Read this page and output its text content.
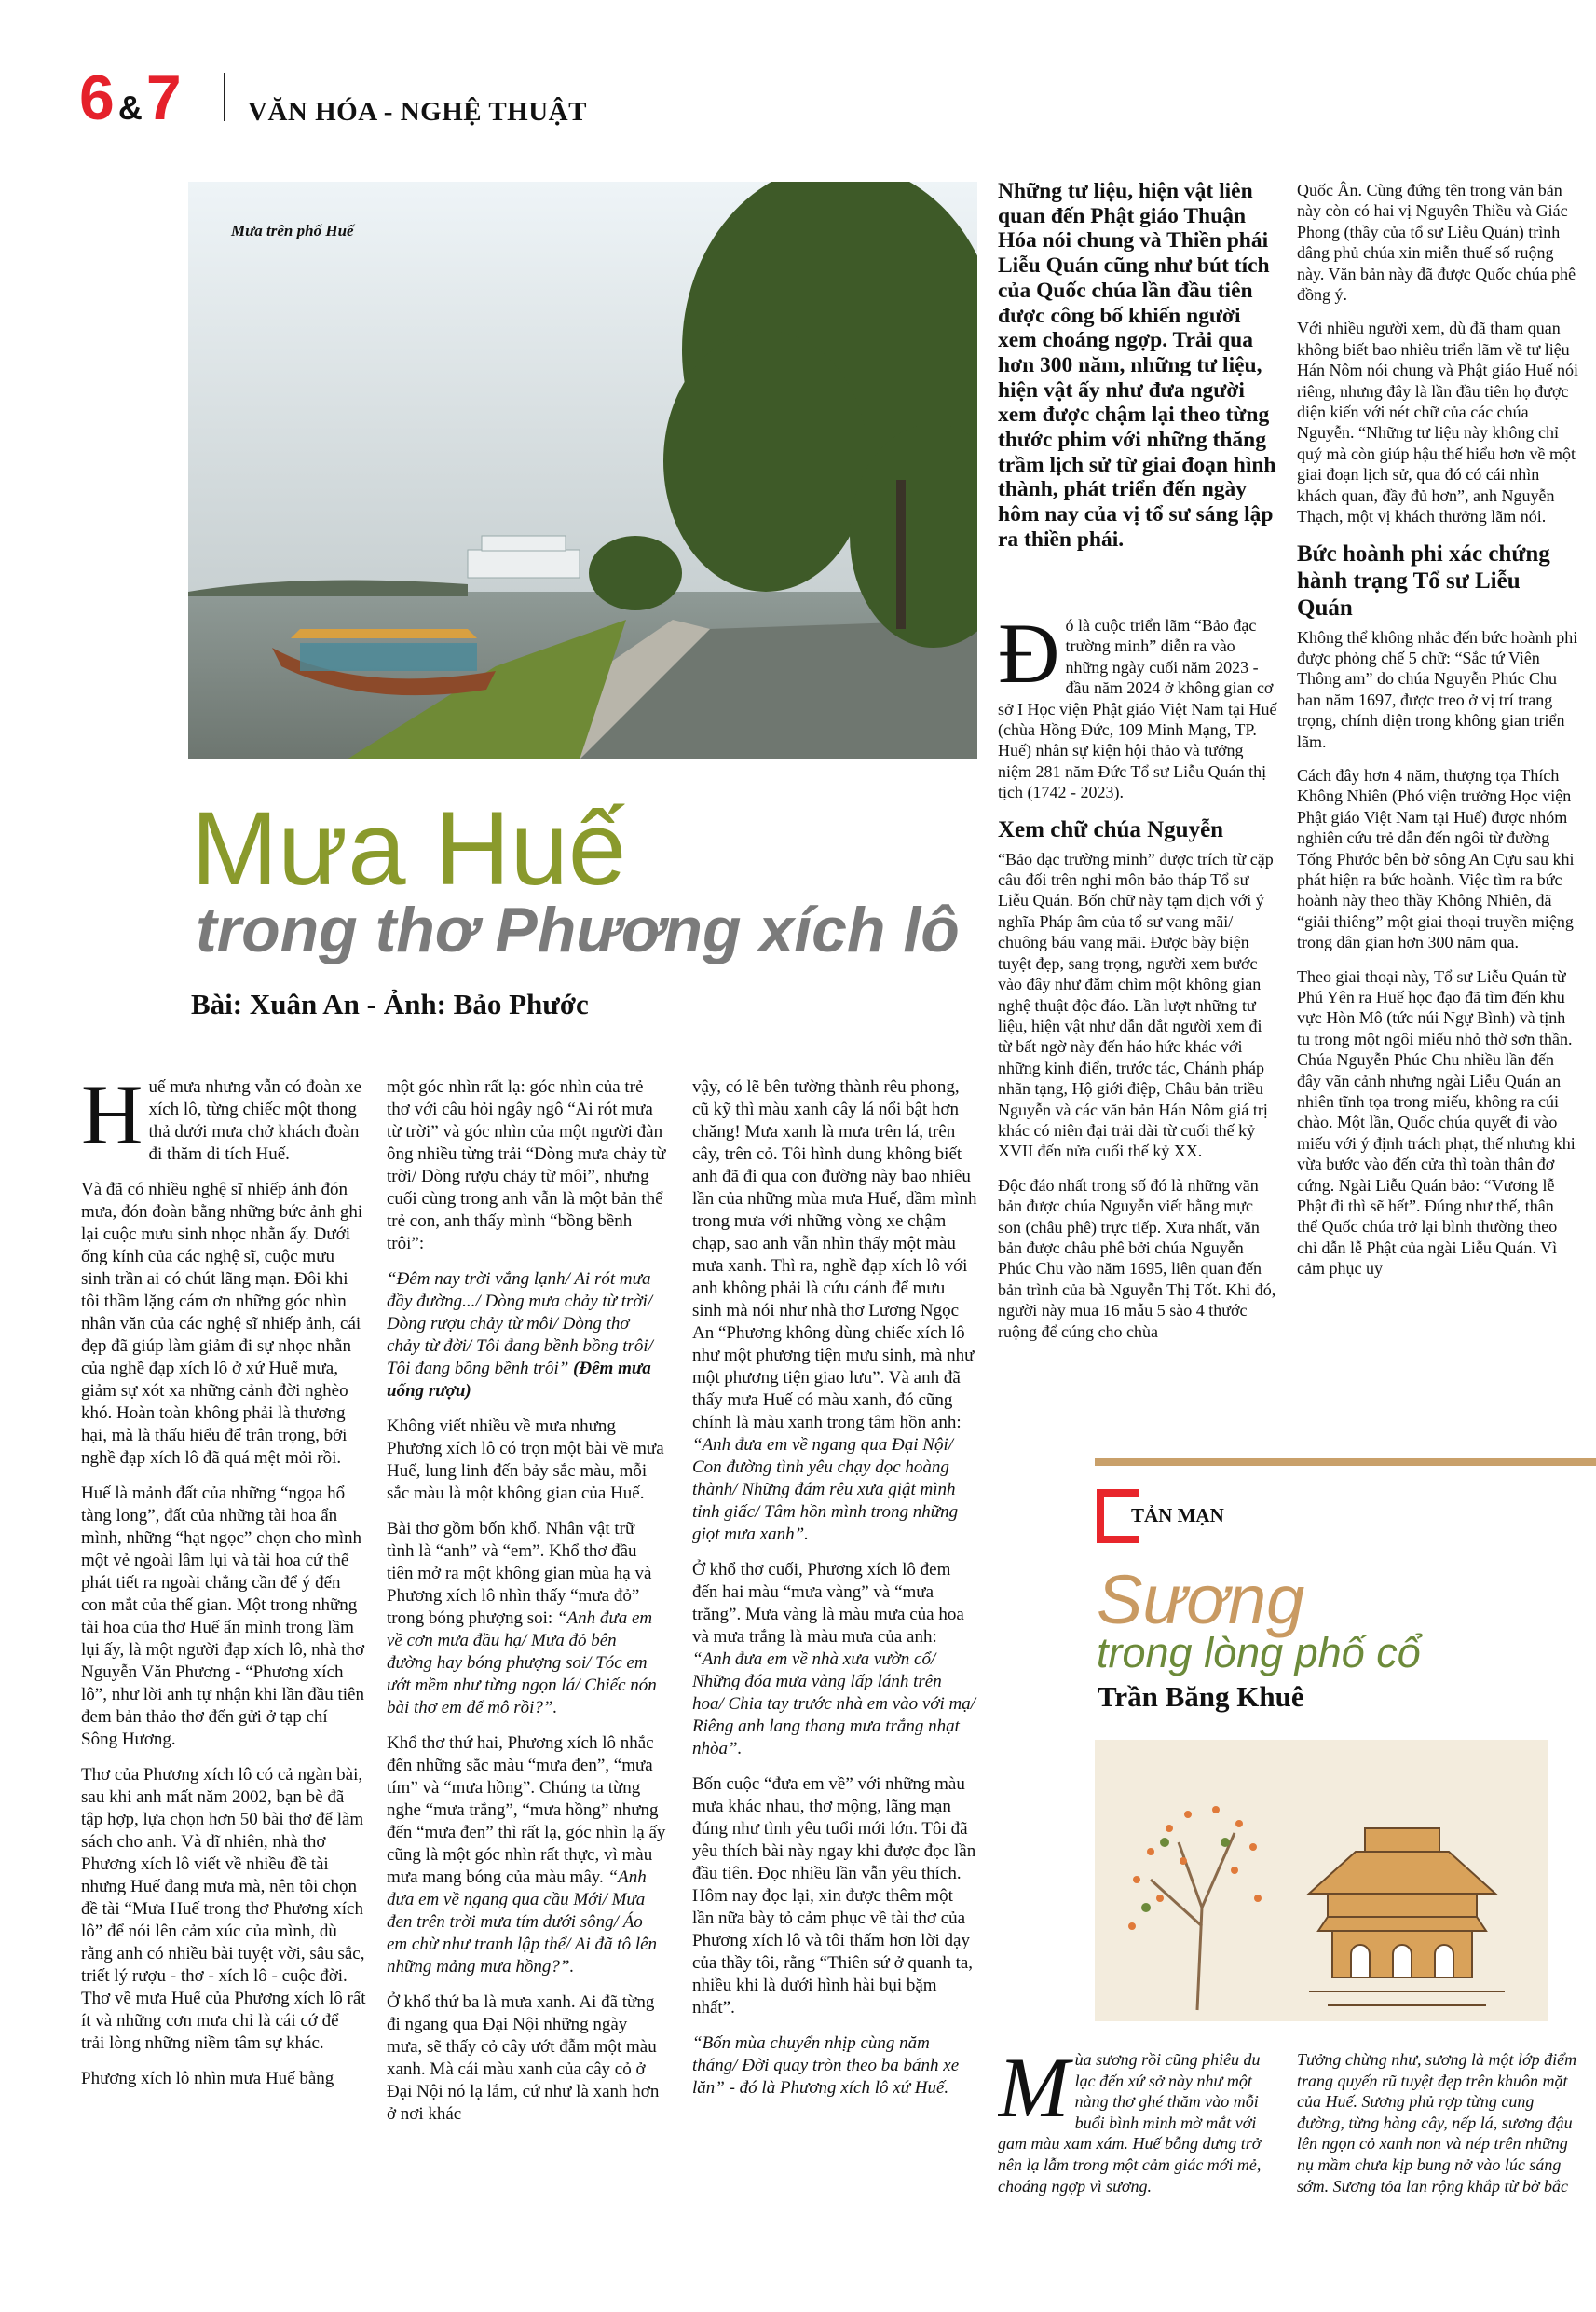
6 &7 VĂN HÓA - NGHỆ THUẬT
Mưa trên phố Huế
Mưa Huế
trong thơ Phương xích lô
Bài: Xuân An - Ảnh: Bảo Phước

Huế mưa nhưng vẫn có đoàn xe xích lô, từng chiếc một thong thả dưới mưa chở khách đoàn đi thăm di tích Huế.

Và đã có nhiều nghệ sĩ nhiếp ảnh đón mưa, đón đoàn bằng những bức ảnh ghi lại cuộc mưu sinh nhọc nhằn ấy. Dưới ống kính của các nghệ sĩ, cuộc mưu sinh trần ai có chút lãng mạn. Đôi khi tôi thầm lặng cám ơn những góc nhìn nhân văn của các nghệ sĩ nhiếp ảnh, cái đẹp đã giúp làm giảm đi sự nhọc nhằn của nghề đạp xích lô ở xứ Huế mưa, giảm sự xót xa những cảnh đời nghèo khó. Hoàn toàn không phải là thương hại, mà là thấu hiểu để trân trọng, bởi nghề đạp xích lô đã quá mệt mỏi rồi.

Huế là mảnh đất của những “ngọa hổ tàng long”, đất của những tài hoa ẩn mình, những “hạt ngọc” chọn cho mình một vẻ ngoài lầm lụi và tài hoa cứ thế phát tiết ra ngoài chẳng cần để ý đến con mắt của thế gian. Một trong những tài hoa của thơ Huế ẩn mình trong lầm lụi ấy, là một người đạp xích lô, nhà thơ Nguyễn Văn Phương - “Phương xích lô”, như lời anh tự nhận khi lần đầu tiên đem bản thảo thơ đến gửi ở tạp chí Sông Hương.

Thơ của Phương xích lô có cả ngàn bài, sau khi anh mất năm 2002, bạn bè đã tập hợp, lựa chọn hơn 50 bài thơ để làm sách cho anh. Và dĩ nhiên, nhà thơ Phương xích lô viết về nhiều đề tài nhưng Huế đang mưa mà, nên tôi chọn đề tài “Mưa Huế trong thơ Phương xích lô” để nói lên cảm xúc của mình, dù rằng anh có nhiều bài tuyệt vời, sâu sắc, triết lý rượu - thơ - xích lô - cuộc đời. Thơ về mưa Huế của Phương xích lô rất ít và những cơn mưa chỉ là cái cớ để trải lòng những niềm tâm sự khác.

Phương xích lô nhìn mưa Huế bằng

một góc nhìn rất lạ: góc nhìn của trẻ thơ với câu hỏi ngây ngô “Ai rót mưa từ trời” và góc nhìn của một người đàn ông nhiều từng trải “Dòng mưa chảy từ trời/ Dòng rượu chảy từ môi”, nhưng cuối cùng trong anh vẫn là một bản thể trẻ con, anh thấy mình “bồng bềnh trôi”:

“Đêm nay trời vắng lạnh/ Ai rót mưa đầy đường.../ Dòng mưa chảy từ trời/ Dòng rượu chảy từ môi/ Dòng thơ chảy từ đời/ Tôi đang bềnh bồng trôi/ Tôi đang bồng bềnh trôi” (Đêm mưa uống rượu)

Không viết nhiều về mưa nhưng Phương xích lô có trọn một bài về mưa Huế, lung linh đến bảy sắc màu, mỗi sắc màu là một không gian của Huế.

Bài thơ gồm bốn khổ. Nhân vật trữ tình là “anh” và “em”. Khổ thơ đầu tiên mở ra một không gian mùa hạ và Phương xích lô nhìn thấy “mưa đỏ” trong bóng phượng soi: “Anh đưa em về cơn mưa đầu hạ/ Mưa đỏ bên đường hay bóng phượng soi/ Tóc em ướt mềm như từng ngọn lá/ Chiếc nón bài thơ em để mô rồi?”.

Khổ thơ thứ hai, Phương xích lô nhắc đến những sắc màu “mưa đen”, “mưa tím” và “mưa hồng”. Chúng ta từng nghe “mưa trắng”, “mưa hồng” nhưng đến “mưa đen” thì rất lạ, góc nhìn lạ ấy cũng là một góc nhìn rất thực, vì màu mưa mang bóng của màu mây. “Anh đưa em về ngang qua cầu Mới/ Mưa đen trên trời mưa tím dưới sông/ Áo em chừ như tranh lập thể/ Ai đã tô lên những mảng mưa hồng?”.

Ở khổ thứ ba là mưa xanh. Ai đã từng đi ngang qua Đại Nội những ngày mưa, sẽ thấy cỏ cây ướt đẫm một màu xanh. Mà cái màu xanh của cây cỏ ở Đại Nội nó lạ lắm, cứ như là xanh hơn ở nơi khác

vậy, có lẽ bên tường thành rêu phong, cũ kỹ thì màu xanh cây lá nổi bật hơn chăng! Mưa xanh là mưa trên lá, trên cây, trên cỏ. Tôi hình dung không biết anh đã đi qua con đường này bao nhiêu lần của những mùa mưa Huế, dầm mình trong mưa với những vòng xe chậm chạp, sao anh vẫn nhìn thấy một màu mưa xanh. Thì ra, nghề đạp xích lô với anh không phải là cứu cánh để mưu sinh mà nói như nhà thơ Lương Ngọc An “Phương không dùng chiếc xích lô như một phương tiện mưu sinh, mà như một phương tiện giao lưu”. Và anh đã thấy mưa Huế có màu xanh, đó cũng chính là màu xanh trong tâm hồn anh: “Anh đưa em về ngang qua Đại Nội/ Con đường tình yêu chạy dọc hoàng thành/ Những đám rêu xưa giật mình tỉnh giấc/ Tâm hồn mình trong những giọt mưa xanh”.

Ở khổ thơ cuối, Phương xích lô đem đến hai màu “mưa vàng” và “mưa trắng”. Mưa vàng là màu mưa của hoa và mưa trắng là màu mưa của anh: “Anh đưa em về nhà xưa vườn cổ/ Những đóa mưa vàng lấp lánh trên hoa/ Chia tay trước nhà em vào với mạ/ Riêng anh lang thang mưa trắng nhạt nhòa”.

Bốn cuộc “đưa em về” với những màu mưa khác nhau, thơ mộng, lãng mạn đúng như tình yêu tuổi mới lớn. Tôi đã yêu thích bài này ngay khi được đọc lần đầu tiên. Đọc nhiều lần vẫn yêu thích. Hôm nay đọc lại, xin được thêm một lần nữa bày tỏ cảm phục về tài thơ của Phương xích lô và tôi thấm hơn lời dạy của thầy tôi, rằng “Thiên sứ ở quanh ta, nhiều khi là dưới hình hài bụi bặm nhất”.

“Bốn mùa chuyển nhịp cùng năm tháng/ Đời quay tròn theo ba bánh xe lăn” - đó là Phương xích lô xứ Huế.

Những tư liệu, hiện vật liên quan đến Phật giáo Thuận Hóa nói chung và Thiền phái Liễu Quán cũng như bút tích của Quốc chúa lần đầu tiên được công bố khiến người xem choáng ngợp. Trải qua hơn 300 năm, những tư liệu, hiện vật ấy như đưa người xem được chậm lại theo từng thước phim với những thăng trầm lịch sử từ giai đoạn hình thành, phát triển đến ngày hôm nay của vị tổ sư sáng lập ra thiền phái.

Đó là cuộc triển lãm “Bảo đạc trường minh” diễn ra vào những ngày cuối năm 2023 - đầu năm 2024 ở không gian cơ sở I Học viện Phật giáo Việt Nam tại Huế (chùa Hồng Đức, 109 Minh Mạng, TP. Huế) nhân sự kiện hội thảo và tưởng niệm 281 năm Đức Tổ sư Liễu Quán thị tịch (1742 - 2023).

Xem chữ chúa Nguyễn

“Bảo đạc trường minh” được trích từ cặp câu đối trên nghi môn bảo tháp Tổ sư Liễu Quán. Bốn chữ này tạm dịch với ý nghĩa Pháp âm của tổ sư vang mãi/ chuông báu vang mãi. Được bày biện tuyệt đẹp, sang trọng, người xem bước vào đây như đắm chìm một không gian nghệ thuật độc đáo. Lần lượt những tư liệu, hiện vật như dẫn dắt người xem đi từ bất ngờ này đến háo hức khác với những kinh điển, trước tác, Chánh pháp nhãn tạng, Hộ giới điệp, Châu bản triều Nguyễn và các văn bản Hán Nôm giá trị khác có niên đại trải dài từ cuối thế kỷ XVII đến nửa cuối thế kỷ XX.

Độc đáo nhất trong số đó là những văn bản được chúa Nguyễn viết bằng mực son (châu phê) trực tiếp. Xưa nhất, văn bản được châu phê bởi chúa Nguyễn Phúc Chu vào năm 1695, liên quan đến bản trình của bà Nguyễn Thị Tốt. Khi đó, người này mua 16 mẫu 5 sào 4 thước ruộng để cúng cho chùa

Quốc Ân. Cùng đứng tên trong văn bản này còn có hai vị Nguyên Thiều và Giác Phong (thầy của tổ sư Liễu Quán) trình dâng phủ chúa xin miễn thuế số ruộng này. Văn bản này đã được Quốc chúa phê đồng ý.

Với nhiều người xem, dù đã tham quan không biết bao nhiêu triển lãm về tư liệu Hán Nôm nói chung và Phật giáo Huế nói riêng, nhưng đây là lần đầu tiên họ được diện kiến với nét chữ của các chúa Nguyễn. “Những tư liệu này không chỉ quý mà còn giúp hậu thế hiểu hơn về một giai đoạn lịch sử, qua đó có cái nhìn khách quan, đầy đủ hơn”, anh Nguyễn Thạch, một vị khách thưởng lãm nói.

Bức hoành phi xác chứng hành trạng Tổ sư Liễu Quán

Không thể không nhắc đến bức hoành phi được phỏng chế 5 chữ: “Sắc tứ Viên Thông am” do chúa Nguyễn Phúc Chu ban năm 1697, được treo ở vị trí trang trọng, chính diện trong không gian triển lãm.

Cách đây hơn 4 năm, thượng tọa Thích Không Nhiên (Phó viện trưởng Học viện Phật giáo Việt Nam tại Huế) được nhóm nghiên cứu trẻ dẫn đến ngôi từ đường Tống Phước bên bờ sông An Cựu sau khi phát hiện ra bức hoành. Việc tìm ra bức hoành này theo thầy Không Nhiên, đã “giải thiêng” một giai thoại truyền miệng trong dân gian hơn 300 năm qua.

Theo giai thoại này, Tổ sư Liễu Quán từ Phú Yên ra Huế học đạo đã tìm đến khu vực Hòn Mô (tức núi Ngự Bình) và tịnh tu trong một ngôi miếu nhỏ thờ sơn thần. Chúa Nguyễn Phúc Chu nhiều lần đến đây vãn cảnh nhưng ngài Liễu Quán an nhiên tĩnh tọa trong miếu, không ra cúi chào. Một lần, Quốc chúa quyết đi vào miếu với ý định trách phạt, thế nhưng khi vừa bước vào đến cửa thì toàn thân đơ cứng. Ngài Liễu Quán bảo: “Vương lễ Phật đi thì sẽ hết”. Đúng như thế, thân thể Quốc chúa trở lại bình thường theo chỉ dẫn lễ Phật của ngài Liễu Quán. Vì cảm phục uy

TẢN MẠN
Sương
trong lòng phố cổ
Trần Băng Khuê

Mùa sương rồi cũng phiêu du lạc đến xứ sở này như một nàng thơ ghé thăm vào mỗi buổi bình minh mờ mắt với gam màu xam xám. Huế bỗng dưng trở nên lạ lẫm trong một cảm giác mới mẻ, choáng ngợp vì sương.

Tưởng chừng như, sương là một lớp điểm trang quyến rũ tuyệt đẹp trên khuôn mặt của Huế. Sương phủ rợp từng cung đường, từng hàng cây, nếp lá, sương đậu lên ngọn cỏ xanh non và nép trên những nụ mầm chưa kịp bung nở vào lúc sáng sớm. Sương tỏa lan rộng khắp từ bờ bắc
